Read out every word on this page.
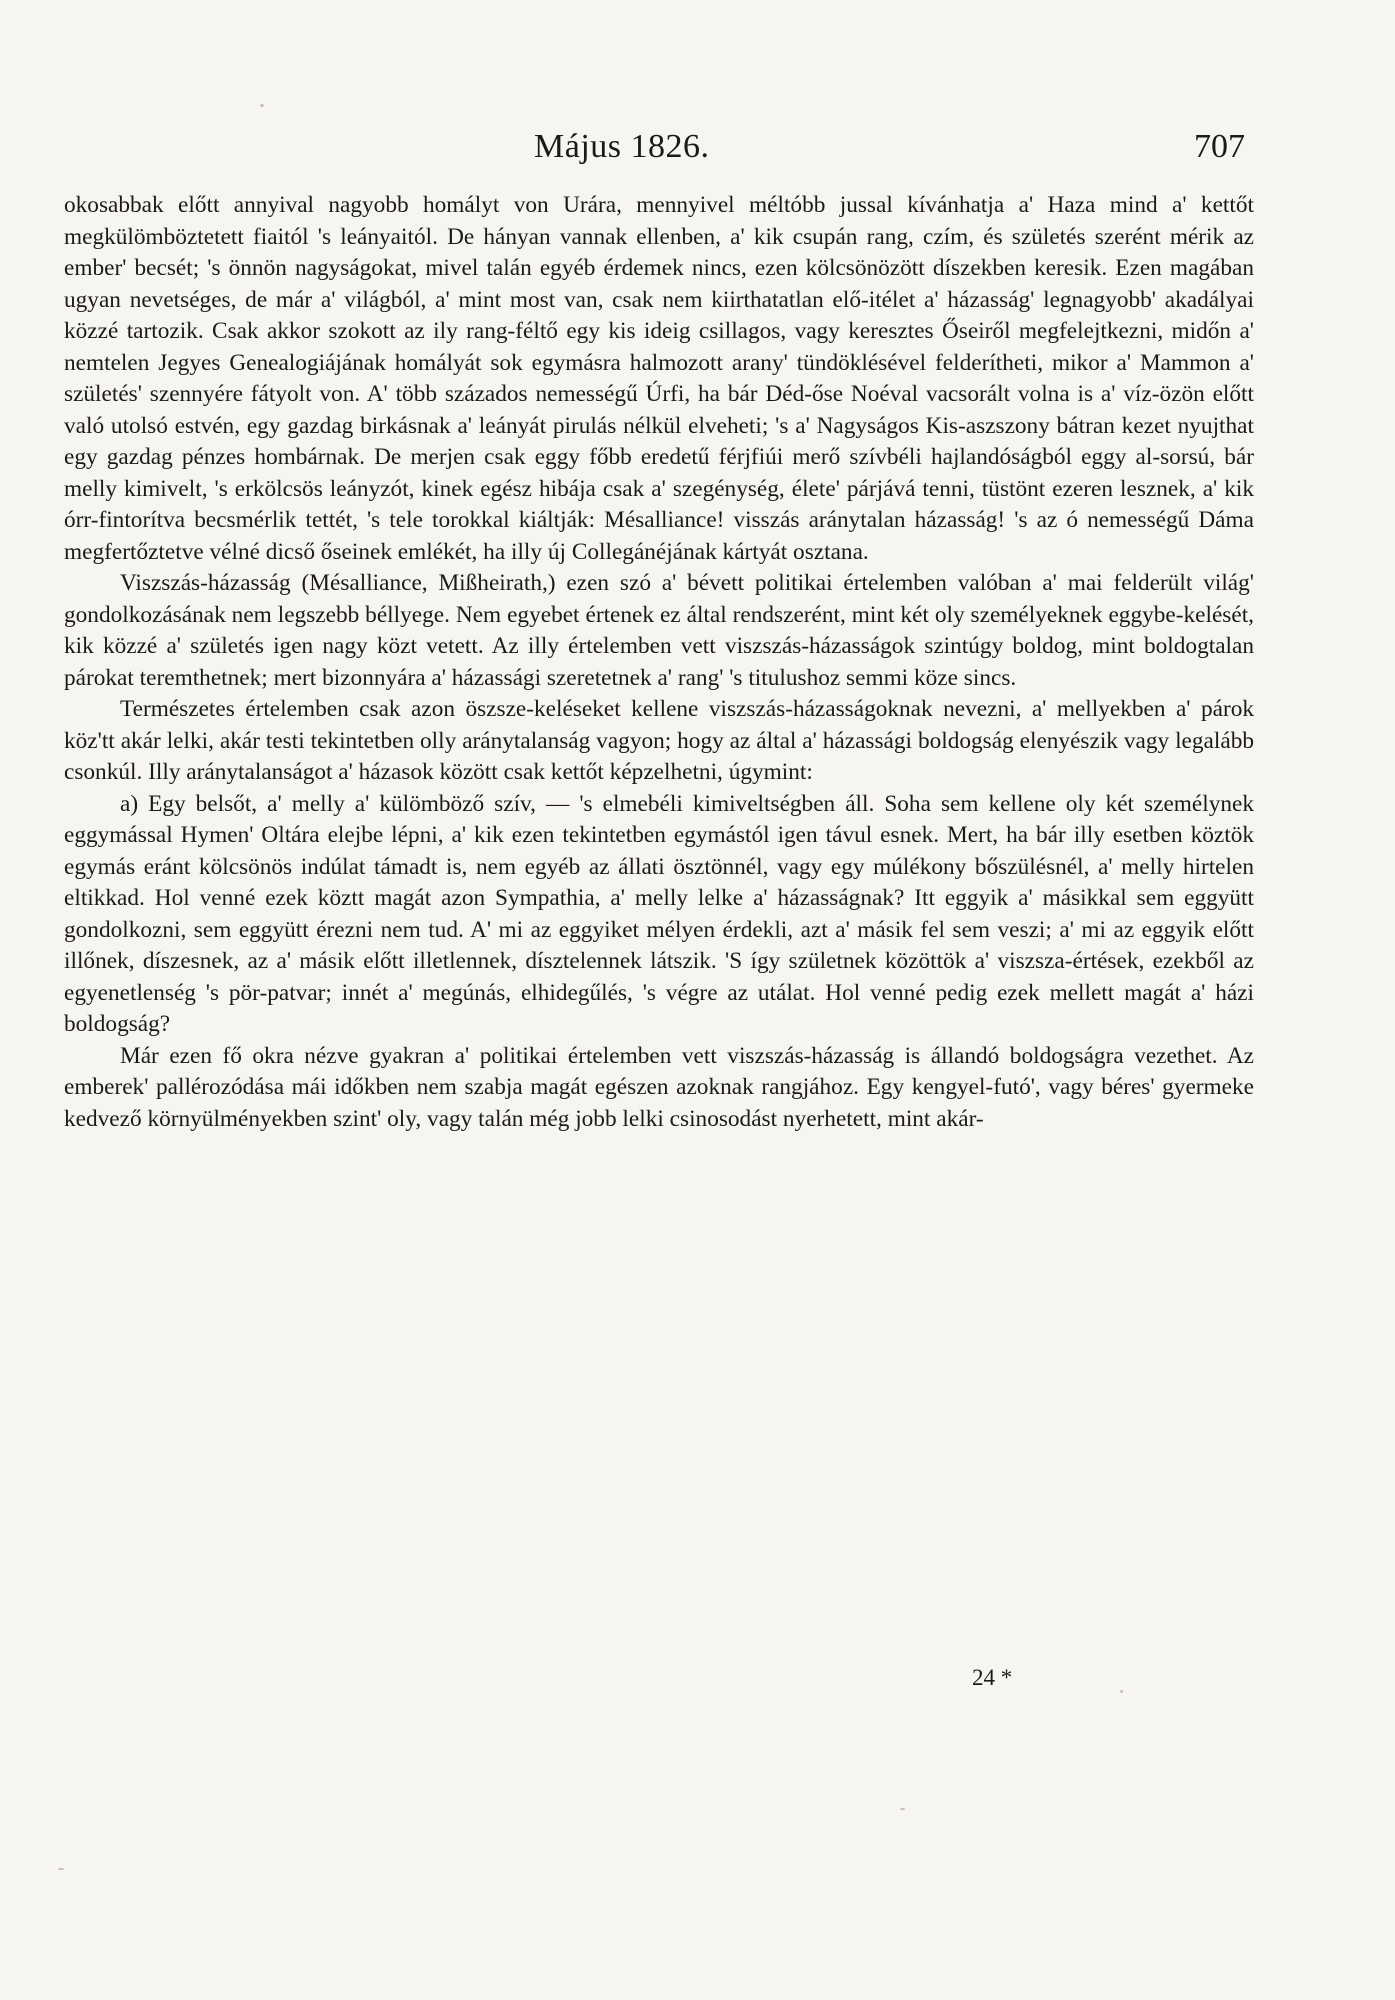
Május 1826.	707

okosabbak előtt annyival nagyobb homályt von Urára, mennyivel méltóbb jussal kívánhatja a' Haza mind a' kettőt megkülömböztetett fiaitól 's leányaitól. De hányan vannak ellenben, a' kik csupán rang, czím, és születés szerént mérik az ember' becsét; 's önnön nagyságokat, mivel talán egyéb érdemek nincs, ezen kölcsönözött díszekben keresik. Ezen magában ugyan nevetséges, de már a' világból, a' mint most van, csak nem kiirthatatlan elő-itélet a' házasság' legnagyobb' akadályai közzé tartozik. Csak akkor szokott az ily rang-féltő egy kis ideig csillagos, vagy keresztes Őseiről megfelejtkezni, midőn a' nemtelen Jegyes Genealogiájának homályát sok egymásra halmozott arany' tündöklésével felderítheti, mikor a' Mammon a' születés' szennyére fátyolt von. A' több százados nemességű Úrfi, ha bár Déd-őse Noéval vacsorált volna is a' víz-özön előtt való utolsó estvén, egy gazdag birkásnak a' leányát pirulás nélkül elveheti; 's a' Nagyságos Kis-aszszony bátran kezet nyujthat egy gazdag pénzes hombárnak. De merjen csak eggy főbb eredetű férjfiúi merő szívbéli hajlandóságból eggy al-sorsú, bár melly kimivelt, 's erkölcsös leányzót, kinek egész hibája csak a' szegénység, élete' párjává tenni, tüstönt ezeren lesznek, a' kik órr-fintorítva becsmérlik tettét, 's tele torokkal kiáltják: Mésalliance! visszás aránytalan házasság! 's az ó nemességű Dáma megfertőztetve vélné dicső őseinek emlékét, ha illy új Collegánéjának kártyát osztana.

Viszszás-házasság (Mésalliance, Mißheirath,) ezen szó a' bévett politikai értelemben valóban a' mai felderült világ' gondolkozásának nem legszebb béllyege. Nem egyebet értenek ez által rendszerént, mint két oly személyeknek eggybe-kelését, kik közzé a' születés igen nagy közt vetett. Az illy értelemben vett viszszás-házasságok szintúgy boldog, mint boldogtalan párokat teremthetnek; mert bizonnyára a' házassági szeretetnek a' rang' 's titulushoz semmi köze sincs.

Természetes értelemben csak azon öszsze-keléseket kellene viszszás-házasságoknak nevezni, a' mellyekben a' párok köz'tt akár lelki, akár testi tekintetben olly aránytalanság vagyon; hogy az által a' házassági boldogság elenyészik vagy legalább csonkúl. Illy aránytalanságot a' házasok között csak kettőt képzelhetni, úgymint:

a) Egy belsőt, a' melly a' külömböző szív, — 's elmebéli kimiveltségben áll. Soha sem kellene oly két személynek eggymással Hymen' Oltára elejbe lépni, a' kik ezen tekintetben egymástól igen távul esnek. Mert, ha bár illy esetben köztök egymás eránt kölcsönös indúlat támadt is, nem egyéb az állati ösztönnél, vagy egy múlékony bőszülésnél, a' melly hirtelen eltikkad. Hol venné ezek köztt magát azon Sympathia, a' melly lelke a' házasságnak? Itt eggyik a' másikkal sem eggyütt gondolkozni, sem eggyütt érezni nem tud. A' mi az eggyiket mélyen érdekli, azt a' másik fel sem veszi; a' mi az eggyik előtt illőnek, díszesnek, az a' másik előtt illetlennek, dísztelennek látszik. 'S így születnek közöttök a' viszsza-értések, ezekből az egyenetlenség 's pör-patvar; innét a' megúnás, elhidegűlés, 's végre az utálat. Hol venné pedig ezek mellett magát a' házi boldogság?

Már ezen fő okra nézve gyakran a' politikai értelemben vett viszszás-házasság is állandó boldogságra vezethet. Az emberek' pallérozódása mái időkben nem szabja magát egészen azoknak rangjához. Egy kengyel-futó', vagy béres' gyermeke kedvező környülményekben szint' oly, vagy talán még jobb lelki csinosodást nyerhetett, mint akár-

24 *
